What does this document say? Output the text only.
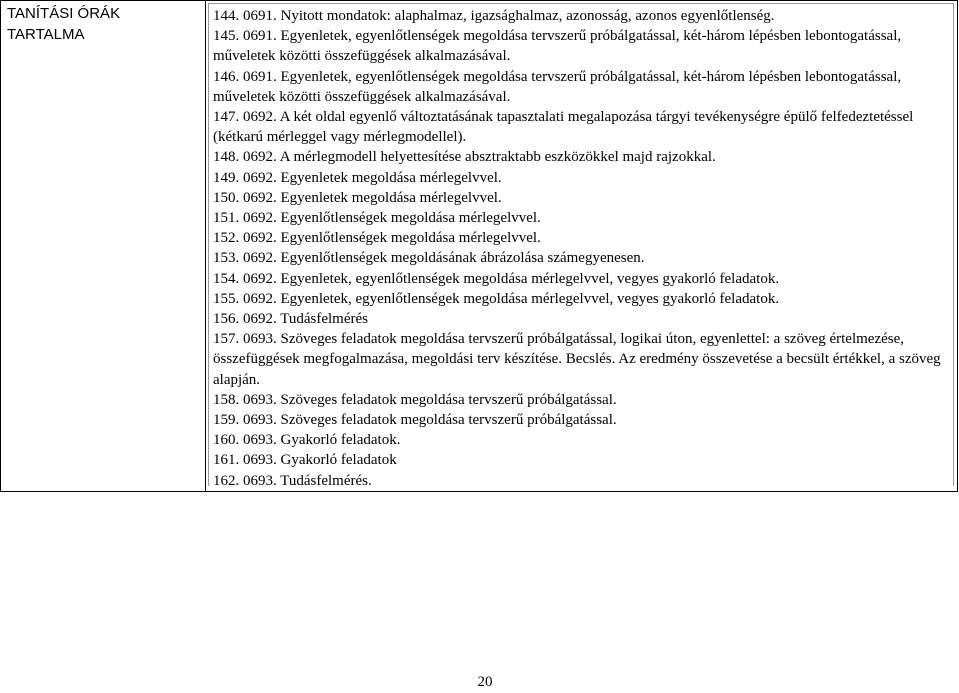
TANÍTÁSI ÓRÁK
TARTALMA

144. 0691. Nyitott mondatok: alaphalmaz, igazsághalmaz, azonosság, azonos egyenlőtlenség.

145. 0691. Egyenletek, egyenlőtlenségek megoldása tervszerű próbálgatással, két-három lépésben lebontogatással, műveletek közötti összefüggések alkalmazásával.

146. 0691. Egyenletek, egyenlőtlenségek megoldása tervszerű próbálgatással, két-három lépésben lebontogatással, műveletek közötti összefüggések alkalmazásával.

147. 0692. A két oldal egyenlő változtatásának tapasztalati megalapozása tárgyi tevékenységre épülő felfedeztetéssel (kétkarú mérleggel vagy mérlegmodellel).

148. 0692. A mérlegmodell helyettesítése absztraktabb eszközökkel majd rajzokkal.

149. 0692. Egyenletek megoldása mérlegelvvel.

150. 0692. Egyenletek megoldása mérlegelvvel.

151. 0692. Egyenlőtlenségek megoldása mérlegelvvel.

152. 0692. Egyenlőtlenségek megoldása mérlegelvvel.

153. 0692. Egyenlőtlenségek megoldásának ábrázolása számegyenesen.

154. 0692. Egyenletek, egyenlőtlenségek megoldása mérlegelvvel, vegyes gyakorló feladatok.

155. 0692. Egyenletek, egyenlőtlenségek megoldása mérlegelvvel, vegyes gyakorló feladatok.

156. 0692. Tudásfelmérés

157. 0693. Szöveges feladatok megoldása tervszerű próbálgatással, logikai úton, egyenlettel: a szöveg értelmezése, összefüggések megfogalmazása, megoldási terv készítése. Becslés. Az eredmény összevetése a becsült értékkel, a szöveg alapján.

158. 0693. Szöveges feladatok megoldása tervszerű próbálgatással.

159. 0693. Szöveges feladatok megoldása tervszerű próbálgatással.

160. 0693. Gyakorló feladatok.

161. 0693. Gyakorló feladatok

162. 0693. Tudásfelmérés.

20
